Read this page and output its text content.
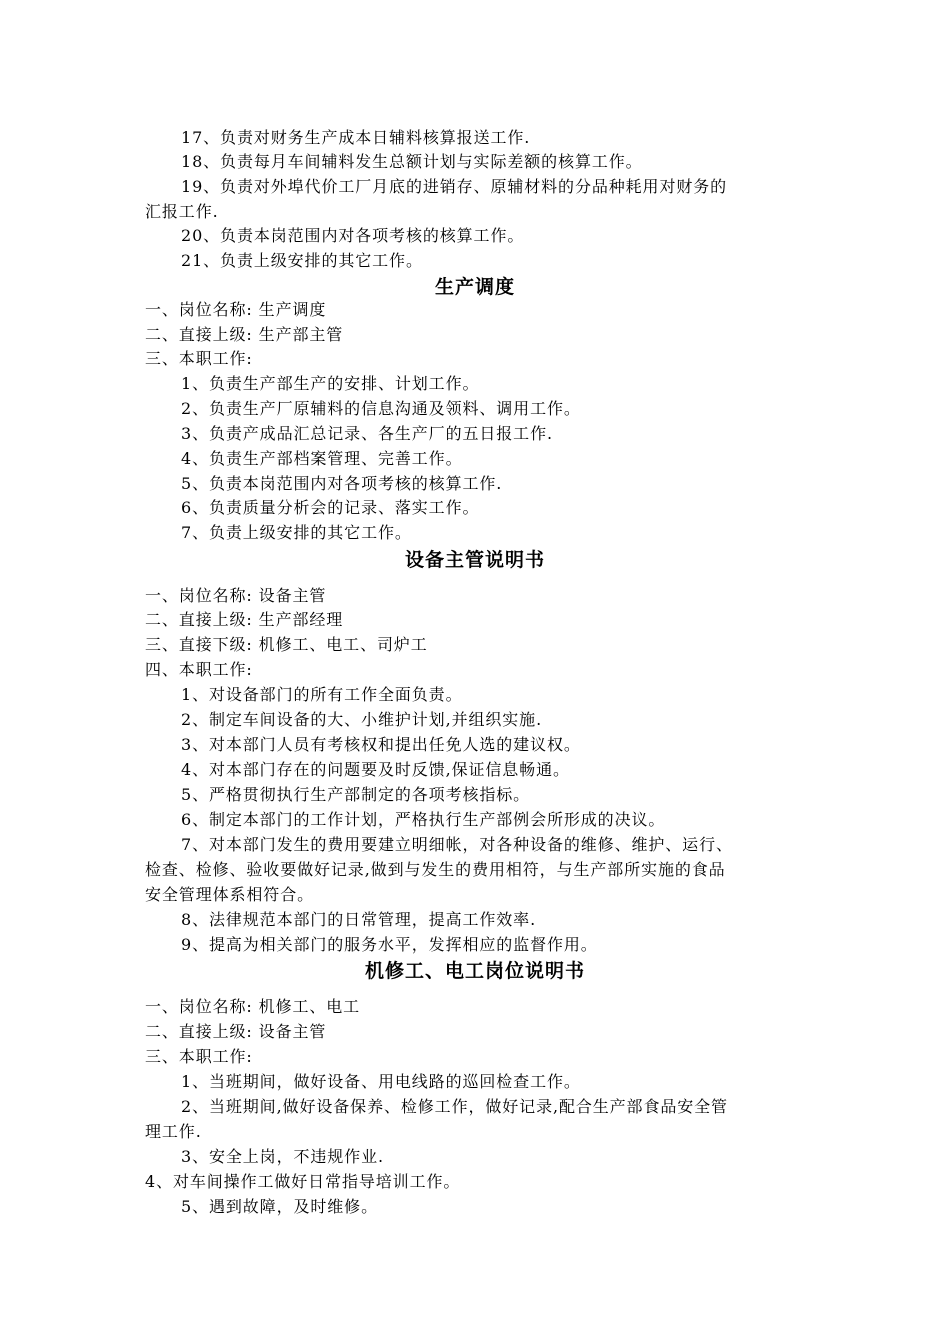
17、负责对财务生产成本日辅料核算报送工作.
18、负责每月车间辅料发生总额计划与实际差额的核算工作。
19、负责对外埠代价工厂月底的进销存、原辅材料的分品种耗用对财务的
汇报工作.
20、负责本岗范围内对各项考核的核算工作。
21、负责上级安排的其它工作。
生产调度
一、岗位名称: 生产调度
二、直接上级: 生产部主管
三、本职工作:
1、负责生产部生产的安排、计划工作。
2、负责生产厂原辅料的信息沟通及领料、调用工作。
3、负责产成品汇总记录、各生产厂的五日报工作.
4、负责生产部档案管理、完善工作。
5、负责本岗范围内对各项考核的核算工作.
6、负责质量分析会的记录、落实工作。
7、负责上级安排的其它工作。
设备主管说明书
一、岗位名称: 设备主管
二、直接上级: 生产部经理
三、直接下级: 机修工、电工、司炉工
四、本职工作:
1、对设备部门的所有工作全面负责。
2、制定车间设备的大、小维护计划,并组织实施.
3、对本部门人员有考核权和提出任免人选的建议权。
4、对本部门存在的问题要及时反馈,保证信息畅通。
5、严格贯彻执行生产部制定的各项考核指标。
6、制定本部门的工作计划，严格执行生产部例会所形成的决议。
7、对本部门发生的费用要建立明细帐，对各种设备的维修、维护、运行、
检查、检修、验收要做好记录,做到与发生的费用相符，与生产部所实施的食品
安全管理体系相符合。
8、法律规范本部门的日常管理，提高工作效率.
9、提高为相关部门的服务水平，发挥相应的监督作用。
机修工、电工岗位说明书
一、岗位名称: 机修工、电工
二、直接上级: 设备主管
三、本职工作:
1、当班期间，做好设备、用电线路的巡回检查工作。
2、当班期间,做好设备保养、检修工作，做好记录,配合生产部食品安全管
理工作.
3、安全上岗，不违规作业.
4、对车间操作工做好日常指导培训工作。
5、遇到故障，及时维修。
